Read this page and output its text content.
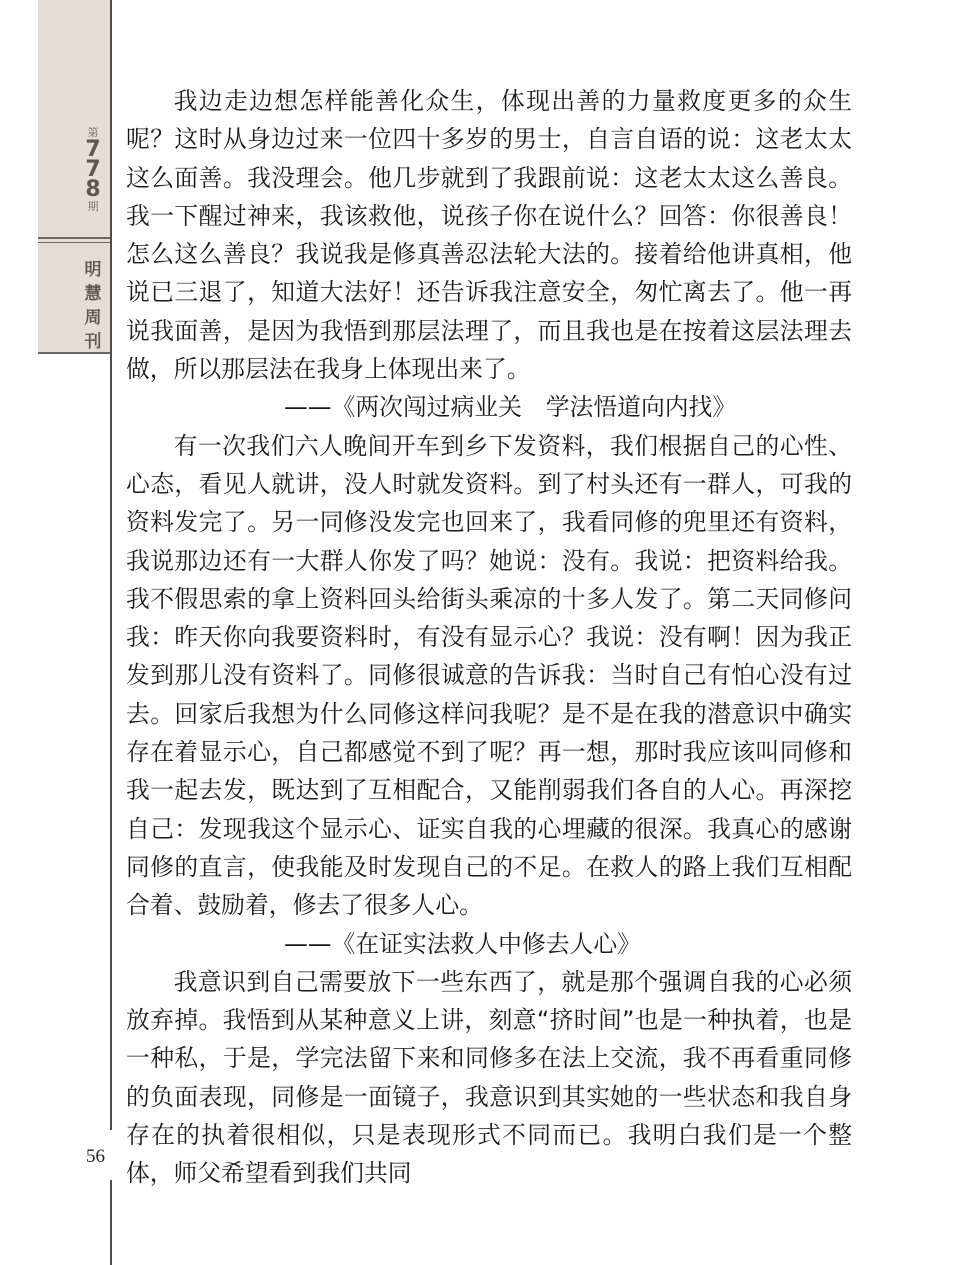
第
7
7
8
期
明
慧
周
刊
56

我边走边想怎样能善化众生，体现出善的力量救度更多的众生呢？这时从身边过来一位四十多岁的男士，自言自语的说：这老太太这么面善。我没理会。他几步就到了我跟前说：这老太太这么善良。我一下醒过神来，我该救他，说孩子你在说什么？回答：你很善良！怎么这么善良？我说我是修真善忍法轮大法的。接着给他讲真相，他说已三退了，知道大法好！还告诉我注意安全，匆忙离去了。他一再说我面善，是因为我悟到那层法理了，而且我也是在按着这层法理去做，所以那层法在我身上体现出来了。

——《两次闯过病业关　学法悟道向内找》

有一次我们六人晚间开车到乡下发资料，我们根据自己的心性、心态，看见人就讲，没人时就发资料。到了村头还有一群人，可我的资料发完了。另一同修没发完也回来了，我看同修的兜里还有资料，我说那边还有一大群人你发了吗？她说：没有。我说：把资料给我。我不假思索的拿上资料回头给街头乘凉的十多人发了。第二天同修问我：昨天你向我要资料时，有没有显示心？我说：没有啊！因为我正发到那儿没有资料了。同修很诚意的告诉我：当时自己有怕心没有过去。回家后我想为什么同修这样问我呢？是不是在我的潜意识中确实存在着显示心，自己都感觉不到了呢？再一想，那时我应该叫同修和我一起去发，既达到了互相配合，又能削弱我们各自的人心。再深挖自己：发现我这个显示心、证实自我的心埋藏的很深。我真心的感谢同修的直言，使我能及时发现自己的不足。在救人的路上我们互相配合着、鼓励着，修去了很多人心。

——《在证实法救人中修去人心》

我意识到自己需要放下一些东西了，就是那个强调自我的心必须放弃掉。我悟到从某种意义上讲，刻意“挤时间”也是一种执着，也是一种私，于是，学完法留下来和同修多在法上交流，我不再看重同修的负面表现，同修是一面镜子，我意识到其实她的一些状态和我自身存在的执着很相似，只是表现形式不同而已。我明白我们是一个整体，师父希望看到我们共同
